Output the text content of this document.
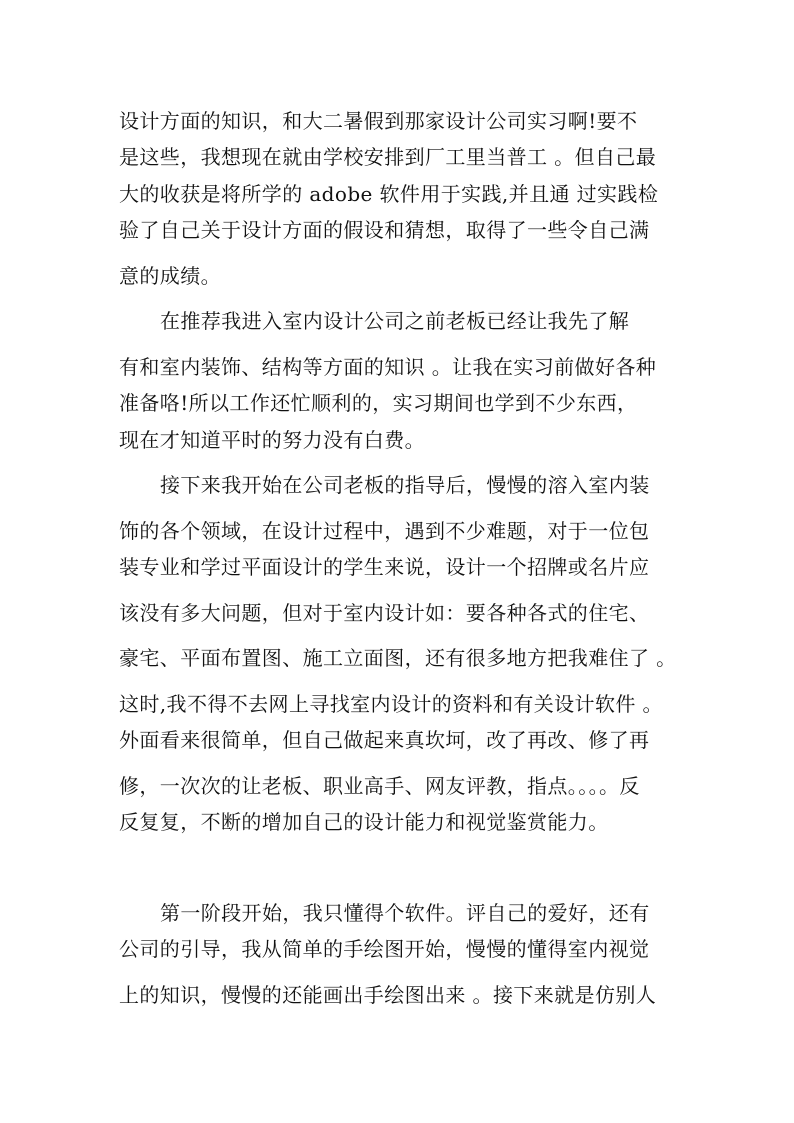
设计方面的知识，和大二暑假到那家设计公司实习啊!要不
是这些，我想现在就由学校安排到厂工里当普工 。但自己最
大的收获是将所学的 adobe 软件用于实践,并且通 过实践检
验了自己关于设计方面的假设和猜想，取得了一些令自己满
意的成绩。
在推荐我进入室内设计公司之前老板已经让我先了解
有和室内装饰、结构等方面的知识 。让我在实习前做好各种
准备咯!所以工作还忙顺利的，实习期间也学到不少东西，
现在才知道平时的努力没有白费。
接下来我开始在公司老板的指导后，慢慢的溶入室内装
饰的各个领域，在设计过程中，遇到不少难题，对于一位包
装专业和学过平面设计的学生来说，设计一个招牌或名片应
该没有多大问题，但对于室内设计如：要各种各式的住宅、
豪宅、平面布置图、施工立面图，还有很多地方把我难住了 。
这时,我不得不去网上寻找室内设计的资料和有关设计软件 。
外面看来很简单，但自己做起来真坎坷，改了再改、修了再
修，一次次的让老板、职业高手、网友评教，指点。。。。反
反复复，不断的增加自己的设计能力和视觉鉴赏能力。
第一阶段开始，我只懂得个软件。评自己的爱好，还有
公司的引导，我从简单的手绘图开始，慢慢的懂得室内视觉
上的知识，慢慢的还能画出手绘图出来 。接下来就是仿别人
